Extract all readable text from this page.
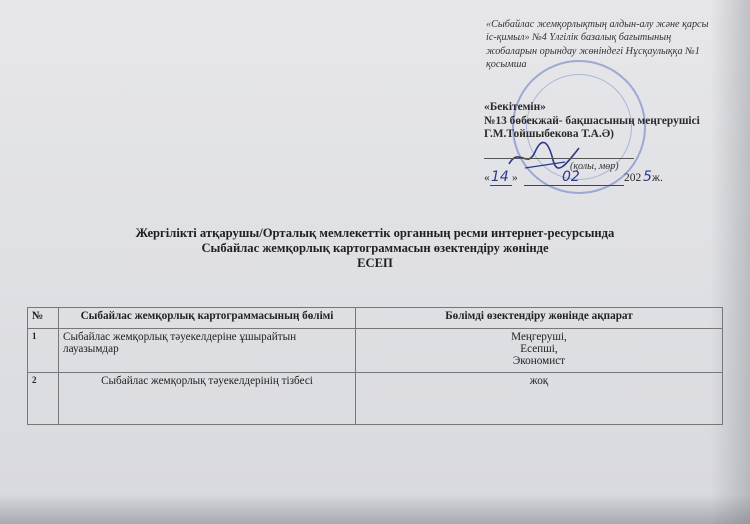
«Сыбайлас жемқорлықтың алдын-алу және қарсы
іс-қимыл» №4 Үлгілік базалық бағытының
жобаларын орындау жөніндегі Нұсқаулыққа №1
қосымша
«Бекітемін»
№13 бөбекжай- бақшасының меңгерушісі
Г.М.Тойшыбекова Т.А.Ә)
(қолы, мөр)
« 14 »	02	202 5 ж.
Жергілікті атқарушы/Орталық мемлекеттік органның ресми интернет-ресурсында
Сыбайлас жемқорлық картограммасын өзектендіру жөнінде
ЕСЕП
№	Сыбайлас жемқорлық картограммасының бөлімі	Бөлімді өзектендіру жөнінде ақпарат
1	Сыбайлас жемқорлық тәуекелдеріне ұшырайтын лауазымдар	Меңгеруші,
Есепші,
Экономист

2	Сыбайлас жемқорлық тәуекелдерінің тізбесі	жоқ
